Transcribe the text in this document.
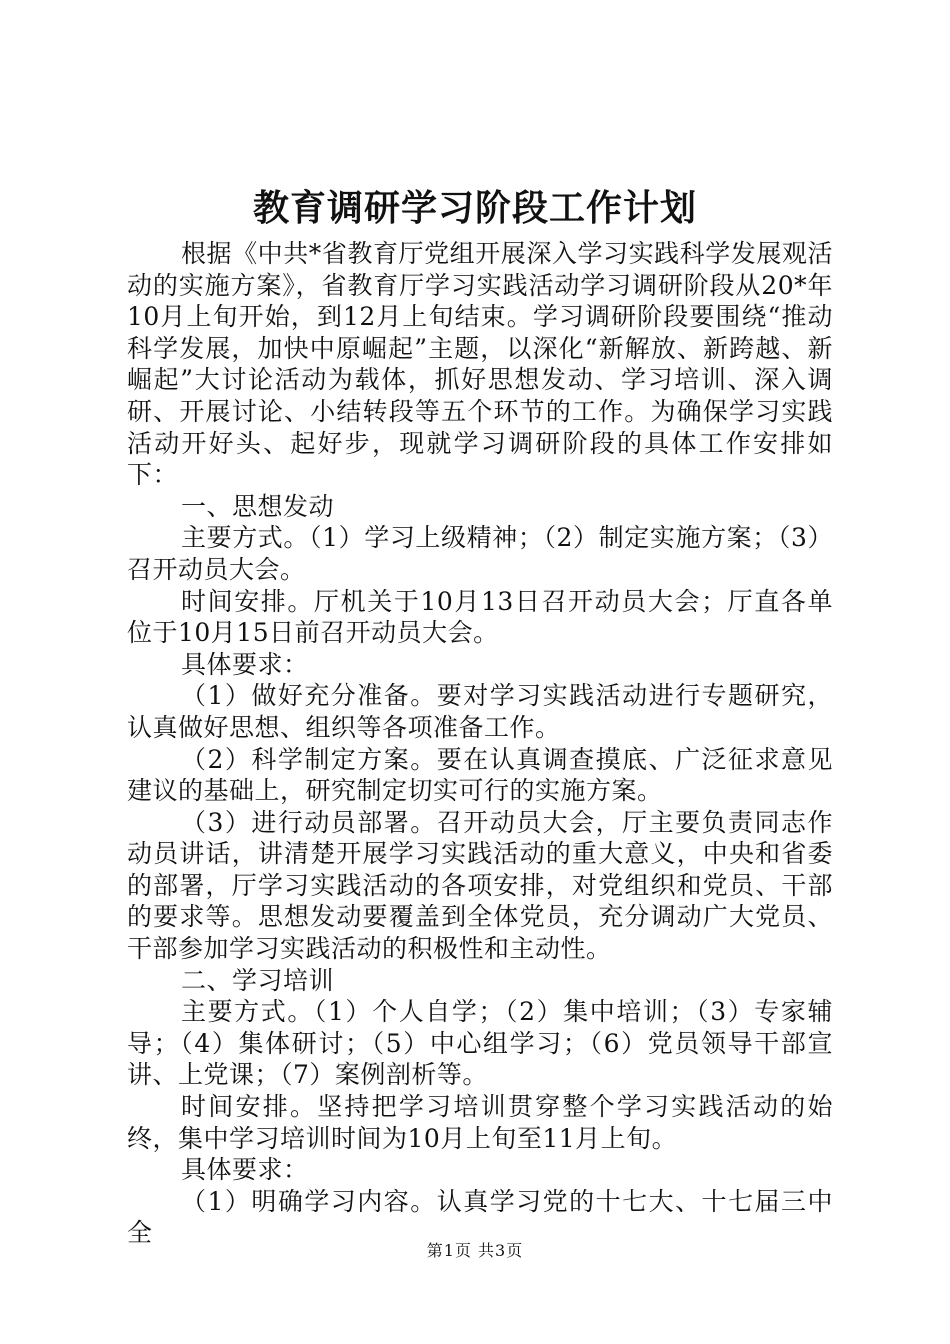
教育调研学习阶段工作计划

根据《中共*省教育厅党组开展深入学习实践科学发展观活动的实施方案》，省教育厅学习实践活动学习调研阶段从20*年10月上旬开始，到12月上旬结束。学习调研阶段要围绕“推动科学发展，加快中原崛起”主题，以深化“新解放、新跨越、新崛起”大讨论活动为载体，抓好思想发动、学习培训、深入调研、开展讨论、小结转段等五个环节的工作。为确保学习实践活动开好头、起好步，现就学习调研阶段的具体工作安排如下：

一、思想发动

主要方式。（1）学习上级精神；（2）制定实施方案；（3）召开动员大会。

时间安排。厅机关于10月13日召开动员大会；厅直各单位于10月15日前召开动员大会。

具体要求：

（1）做好充分准备。要对学习实践活动进行专题研究，认真做好思想、组织等各项准备工作。

（2）科学制定方案。要在认真调查摸底、广泛征求意见建议的基础上，研究制定切实可行的实施方案。

（3）进行动员部署。召开动员大会，厅主要负责同志作动员讲话，讲清楚开展学习实践活动的重大意义，中央和省委的部署，厅学习实践活动的各项安排，对党组织和党员、干部的要求等。思想发动要覆盖到全体党员，充分调动广大党员、干部参加学习实践活动的积极性和主动性。

二、学习培训

主要方式。（1）个人自学；（2）集中培训；（3）专家辅导；（4）集体研讨；（5）中心组学习；（6）党员领导干部宣讲、上党课；（7）案例剖析等。

时间安排。坚持把学习培训贯穿整个学习实践活动的始终，集中学习培训时间为10月上旬至11月上旬。

具体要求：

（1）明确学习内容。认真学习党的十七大、十七届三中全

第1页 共3页
